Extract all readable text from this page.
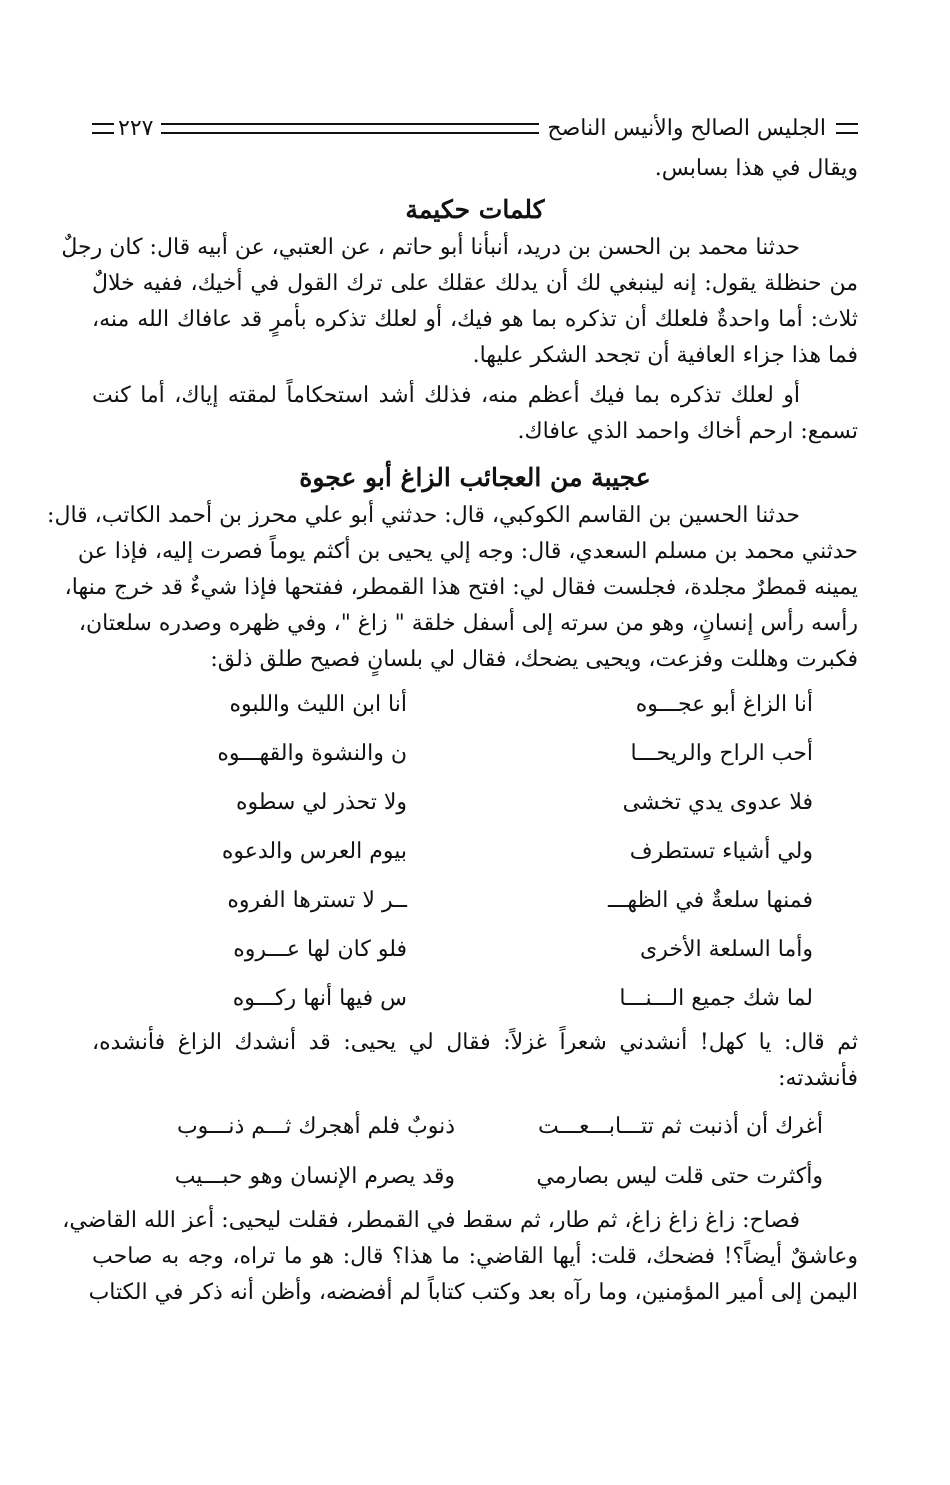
الجليس الصالح والأنيس الناصح
٢٢٧
ويقال في هذا بسابس.
كلمات حكيمة
حدثنا محمد بن الحسن بن دريد، أنبأنا أبو حاتم ، عن العتبي، عن أبيه قال: كان رجلٌ
من حنظلة يقول: إنه لينبغي لك أن يدلك عقلك على ترك القول في أخيك، ففيه خلالٌ
ثلاث: أما واحدةٌ فلعلك أن تذكره بما هو فيك، أو لعلك تذكره بأمرٍ قد عافاك الله منه،
فما هذا جزاء العافية أن تجحد الشكر عليها.
أو لعلك تذكره بما فيك أعظم منه، فذلك أشد استحكاماً لمقته إياك، أما كنت
تسمع: ارحم أخاك واحمد الذي عافاك.
عجيبة من العجائب الزاغ أبو عجوة
حدثنا الحسين بن القاسم الكوكبي، قال: حدثني أبو علي محرز بن أحمد الكاتب، قال:
حدثني محمد بن مسلم السعدي، قال: وجه إلي يحيى بن أكثم يوماً فصرت إليه، فإذا عن
يمينه قمطرٌ مجلدة، فجلست فقال لي: افتح هذا القمطر، ففتحها فإذا شيءٌ قد خرج منها،
رأسه رأس إنسانٍ، وهو من سرته إلى أسفل خلقة " زاغ "، وفي ظهره وصدره سلعتان،
فكبرت وهللت وفزعت، ويحيى يضحك، فقال لي بلسانٍ فصيح طلق ذلق:
أنا الزاغ أبو عجـــوه
أنا ابن الليث واللبوه
أحب الراح والريحـــا
ن والنشوة والقهـــوه
فلا عدوى يدي تخشى
ولا تحذر لي سطوه
ولي أشياء تستطرف
بيوم العرس والدعوه
فمنها سلعةٌ في الظهـــ
ــر لا تسترها الفروه
وأما السلعة الأخرى
فلو كان لها عـــروه
لما شك جميع الـــنـــا
س فيها أنها ركـــوه
ثم قال: يا كهل! أنشدني شعراً غزلاً: فقال لي يحيى: قد أنشدك الزاغ فأنشده،
فأنشدته:
أغرك أن أذنبت ثم تتـــابـــعـــت
ذنوبٌ فلم أهجرك ثـــم ذنـــوب
وأكثرت حتى قلت ليس بصارمي
وقد يصرم الإنسان وهو حبـــيب
فصاح: زاغ زاغ زاغ، ثم طار، ثم سقط في القمطر، فقلت ليحيى: أعز الله القاضي،
وعاشقٌ أيضاً؟! فضحك، قلت: أيها القاضي: ما هذا؟ قال: هو ما تراه، وجه به صاحب
اليمن إلى أمير المؤمنين، وما رآه بعد وكتب كتاباً لم أفضضه، وأظن أنه ذكر في الكتاب
